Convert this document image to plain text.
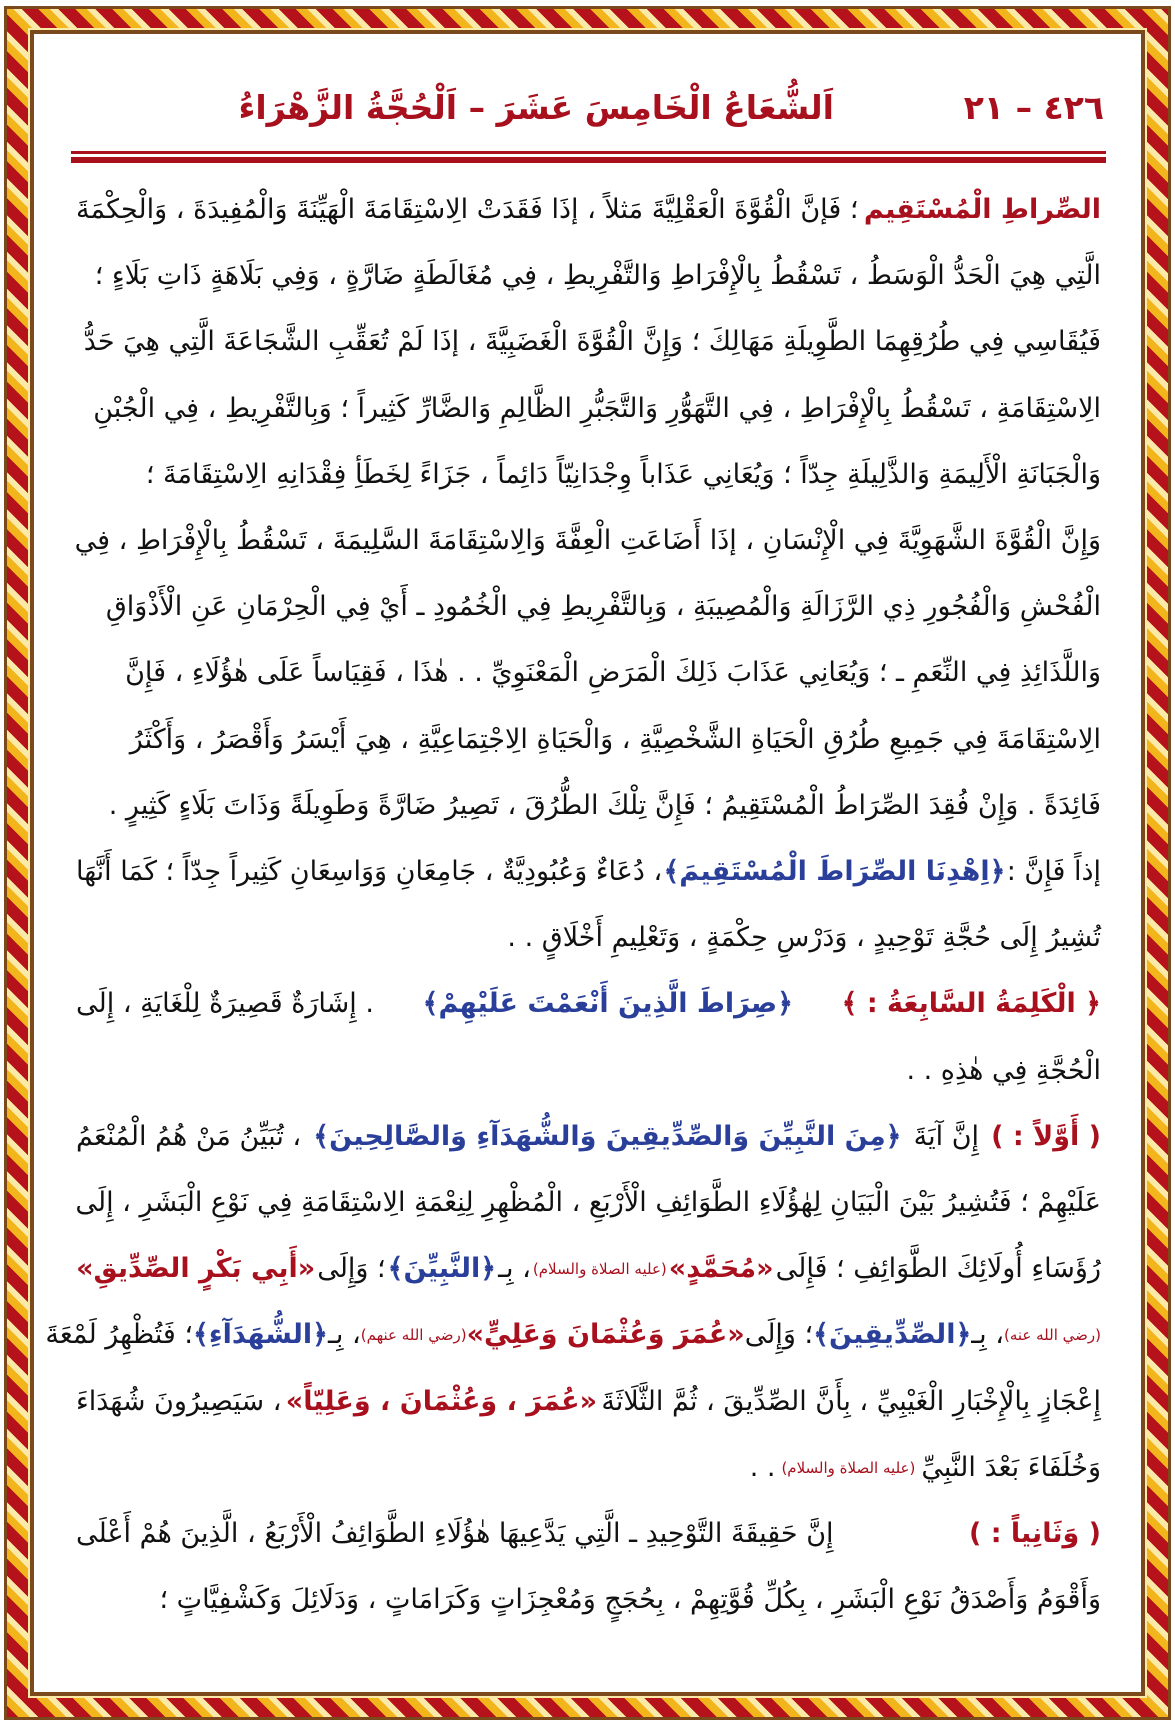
٤٢٦ – ٢١
اَلشُّعَاعُ الْخَامِسَ عَشَرَ – اَلْحُجَّةُ الزَّهْرَاءُ
الصِّراطِ الْمُسْتَقِيم
؛ فَإنَّ الْقُوَّةَ الْعَقْلِيَّةَ مَثلاً ، إذَا فَقَدَتْ الِاسْتِقَامَةَ الْهَيِّنَةَ وَالْمُفِيدَةَ ، وَالْحِكْمَةَ
الَّتِي هِيَ الْحَدُّ الْوَسَطُ ، تَسْقُطُ بِالْإِفْرَاطِ وَالتَّفْرِيطِ ، فِي مُغَالَطَةٍ ضَارَّةٍ ، وَفِي بَلَاهَةٍ ذَاتِ بَلَاءٍ ؛
فَيُقَاسِي فِي طُرُقِهِمَا الطَّوِيلَةِ مَهَالِكَ ؛ وَإِنَّ الْقُوَّةَ الْغَضَبِيَّةَ ، إذَا لَمْ تُعَقِّبِ الشَّجَاعَةَ الَّتِي هِيَ حَدُّ
الِاسْتِقَامَةِ ، تَسْقُطُ بِالْإِفْرَاطِ ، فِي التَّهَوُّرِ وَالتَّجَبُّرِ الظَّالِمِ وَالضَّارِّ كَثِيراً ؛ وَبِالتَّفْرِيطِ ، فِي الْجُبْنِ
وَالْجَبَانَةِ الْأَلِيمَةِ وَالذَّلِيلَةِ جِدّاً ؛ وَيُعَانِي عَذَاباً وِجْدَانِيّاً دَائِماً ، جَزَاءً لِخَطَأِ فِقْدَانِهِ الِاسْتِقَامَةَ ؛
وَإِنَّ الْقُوَّةَ الشَّهَوِيَّةَ فِي الْإِنْسَانِ ، إذَا أَضَاعَتِ الْعِفَّةَ وَالِاسْتِقَامَةَ السَّلِيمَةَ ، تَسْقُطُ بِالْإِفْرَاطِ ، فِي
الْفُحْشِ وَالْفُجُورِ ذِي الرَّزَالَةِ وَالْمُصِيبَةِ ، وَبِالتَّفْرِيطِ فِي الْخُمُودِ ـ أَيْ فِي الْحِرْمَانِ عَنِ الْأَذْوَاقِ
وَاللَّذَائِذِ فِي النِّعَمِ ـ ؛ وَيُعَانِي عَذَابَ ذَلِكَ الْمَرَضِ الْمَعْنَوِيِّ . . هٰذَا ، فَقِيَاساً عَلَى هٰؤُلَاءِ ، فَإِنَّ
الِاسْتِقَامَةَ فِي جَمِيعِ طُرُقِ الْحَيَاةِ الشَّخْصِيَّةِ ، وَالْحَيَاةِ الِاجْتِمَاعِيَّةِ ، هِيَ أَيْسَرُ وَأَقْصَرُ ، وَأَكْثَرُ
فَائِدَةً . وَإِنْ فُقِدَ الصِّرَاطُ الْمُسْتَقِيمُ ؛ فَإِنَّ تِلْكَ الطُّرُقَ ، تَصِيرُ ضَارَّةً وَطَوِيلَةً وَذَاتَ بَلَاءٍ كَثِيرٍ .
إذاً فَإِنَّ :
﴿اِهْدِنَا الصِّرَاطَ الْمُسْتَقِيمَ﴾
، دُعَاءٌ وَعُبُودِيَّةٌ ، جَامِعَانِ وَوَاسِعَانِ كَثِيراً جِدّاً ؛ كَمَا أَنَّهَا
تُشِيرُ إِلَى حُجَّةِ تَوْحِيدٍ ، وَدَرْسِ حِكْمَةٍ ، وَتَعْلِيمِ أَخْلَاقٍ . .
﴿ الْكَلِمَةُ السَّابِعَةُ : ﴾
﴿صِرَاطَ الَّذِينَ أَنْعَمْتَ عَلَيْهِمْ﴾
. إِشَارَةٌ قَصِيرَةٌ لِلْغَايَةِ ، إِلَى
الْحُجَّةِ فِي هٰذِهِ . .
( أَوَّلاً : )
إِنَّ آيَةَ
﴿مِنَ النَّبِيِّنَ وَالصِّدِّيقِينَ وَالشُّهَدَآءِ وَالصَّالِحِينَ﴾
، تُبَيِّنُ مَنْ هُمُ الْمُنْعَمُ
عَلَيْهِمْ ؛ فَتُشِيرُ بَيْنَ الْبَيَانِ لِهٰؤُلَاءِ الطَّوَائِفِ الْأَرْبَعِ ، الْمُظْهِرِ لِنِعْمَةِ الِاسْتِقَامَةِ فِي نَوْعِ الْبَشَرِ ، إِلَى
رُؤَسَاءِ أُولَائِكَ الطَّوَائِفِ ؛ فَإِلَى
«مُحَمَّدٍ»
(عليه الصلاة والسلام)
، بِـ
﴿النَّبِيِّنَ﴾
؛ وَإِلَى
«أَبِي بَكْرٍ الصِّدِّيقِ»
(رضي الله عنه)
، بِـ
﴿الصِّدِّيقِينَ﴾
؛ وَإِلَى
«عُمَرَ وَعُثْمَانَ وَعَلِيٍّ»
(رضي الله عنهم)
، بِـ
﴿الشُّهَدَآءِ﴾
؛ فَتُظْهِرُ لَمْعَةَ
إِعْجَازٍ بِالْإِخْبَارِ الْغَيْبِيِّ ، بِأَنَّ الصِّدِّيقَ ، ثُمَّ الثَّلَاثَةَ
«عُمَرَ ، وَعُثْمَانَ ، وَعَلِيّاً»
، سَيَصِيرُونَ شُهَدَاءَ
وَخُلَفَاءَ بَعْدَ النَّبِيِّ
(عليه الصلاة والسلام)
. .
( وَثَانِياً : )
إِنَّ حَقِيقَةَ التَّوْحِيدِ ـ الَّتِي يَدَّعِيهَا هٰؤُلَاءِ الطَّوَائِفُ الْأَرْبَعُ ، الَّذِينَ هُمْ أَعْلَى
وَأَقْوَمُ وَأَصْدَقُ نَوْعِ الْبَشَرِ ، بِكُلِّ قُوَّتِهِمْ ، بِحُجَجٍ وَمُعْجِزَاتٍ وَكَرَامَاتٍ ، وَدَلَائِلَ وَكَشْفِيَّاتٍ ؛
